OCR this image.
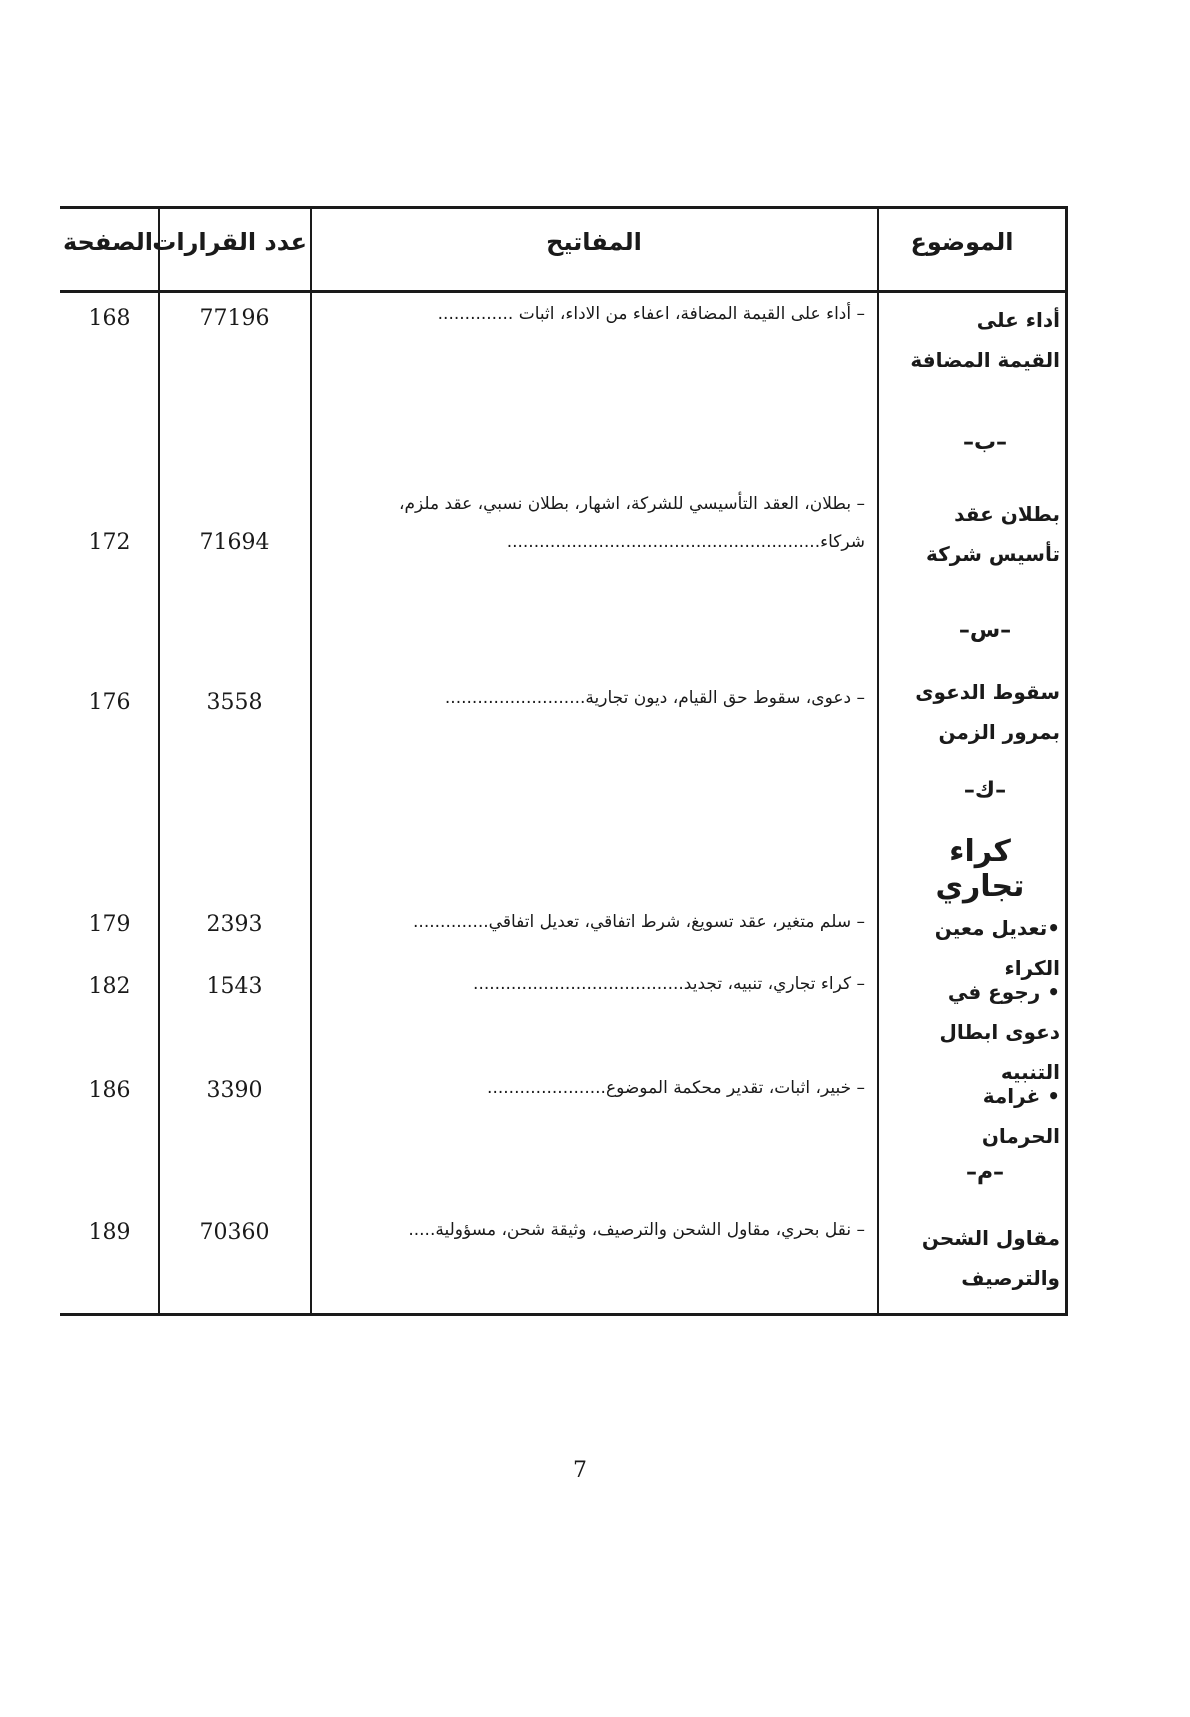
الصفحة عدد القرارات	المفاتيح	الموضوع
أداء على القيمة المضافة
– أداء على القيمة المضافة، اعفاء من الاداء، اثبات ..............
77196
168
–ب–
بطلان عقد تأسيس شركة
– بطلان، العقد التأسيسي للشركة، اشهار، بطلان نسبي، عقد ملزم،
شركاء..........................................................
71694
172
–س–
سقوط الدعوى بمرور الزمن
– دعوى، سقوط حق القيام، ديون تجارية..........................
3558
176
–ك–
كراء تجاري
•تعديل معين الكراء
– سلم متغير، عقد تسويغ، شرط اتفاقي، تعديل اتفاقي..............
2393
179
• رجوع في دعوى ابطال التنبيه
– كراء تجاري، تنبيه، تجديد.......................................
1543
182
• غرامة الحرمان
– خبير، اثبات، تقدير محكمة الموضوع......................
3390
186
–م–
مقاول الشحن والترصيف
– نقل بحري، مقاول الشحن والترصيف، وثيقة شحن، مسؤولية.....
70360
189
7
